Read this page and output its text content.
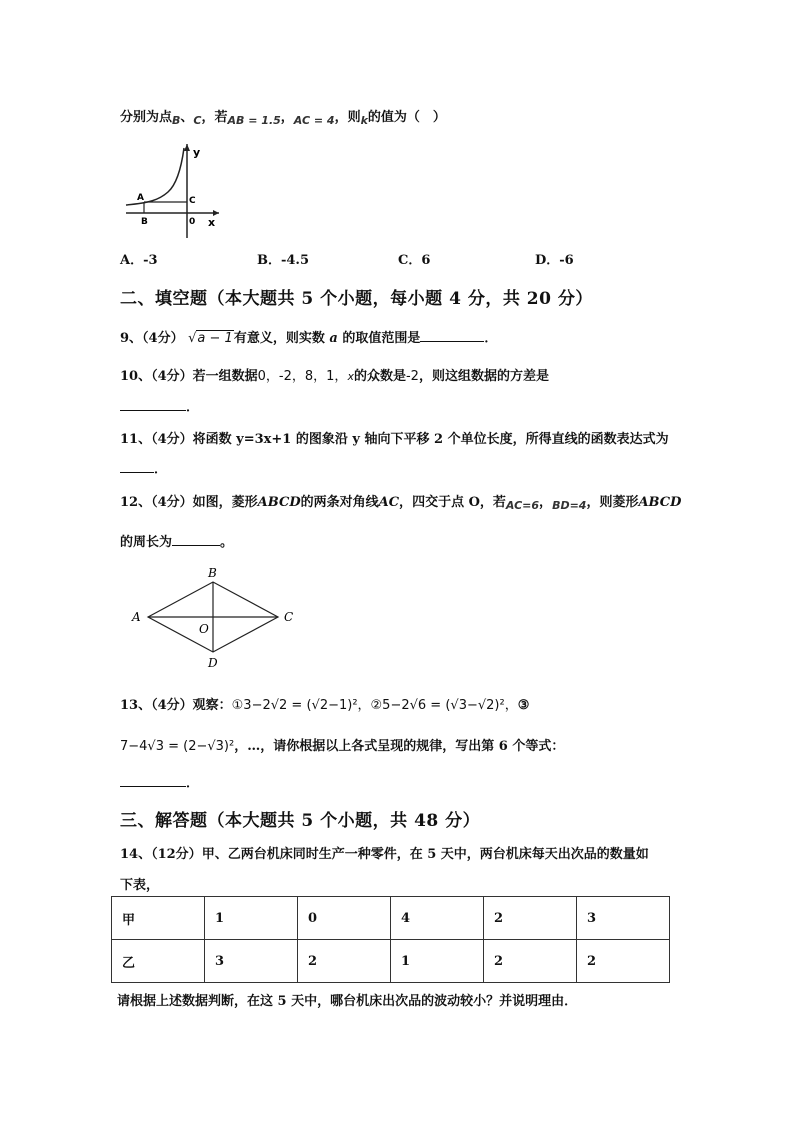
分别为点$_B$、$_C$，若$_{AB = 1.5}$，$_{AC = 4}$，则$_k$的值为（　）
y
x
A
B
C
0
A．-3	B．-4.5	C．6	D．-6
二、填空题（本大题共 5 个小题，每小题 4 分，共 20 分）
9、（4分） √a − 1有意义，则实数 a 的取值范围是	．
10、（4分）若一组数据0，-2，8，1，x的众数是-2，则这组数据的方差是
．
11、（4分）将函数 y=3x+1 的图象沿 y 轴向下平移 2 个单位长度，所得直线的函数表达式为
．
12、（4分）如图，菱形ABCD的两条对角线AC，四交于点 O，若$_{AC=6}$，$_{BD=4}$，则菱形ABCD
的周长为	。
A
B
C
D
O
13、（4分）观察：①3−2√2 = (√2−1)²，②5−2√6 = (√3−√2)²，③
7−4√3 = (2−√3)²，…，请你根据以上各式呈现的规律，写出第 6 个等式：
．
三、解答题（本大题共 5 个小题，共 48 分）
14、（12分）甲、乙两台机床同时生产一种零件，在 5 天中，两台机床每天出次品的数量如
下表，
甲	1	0	4	2	3
乙	3	2	1	2	2
请根据上述数据判断，在这 5 天中，哪台机床出次品的波动较小？并说明理由．
